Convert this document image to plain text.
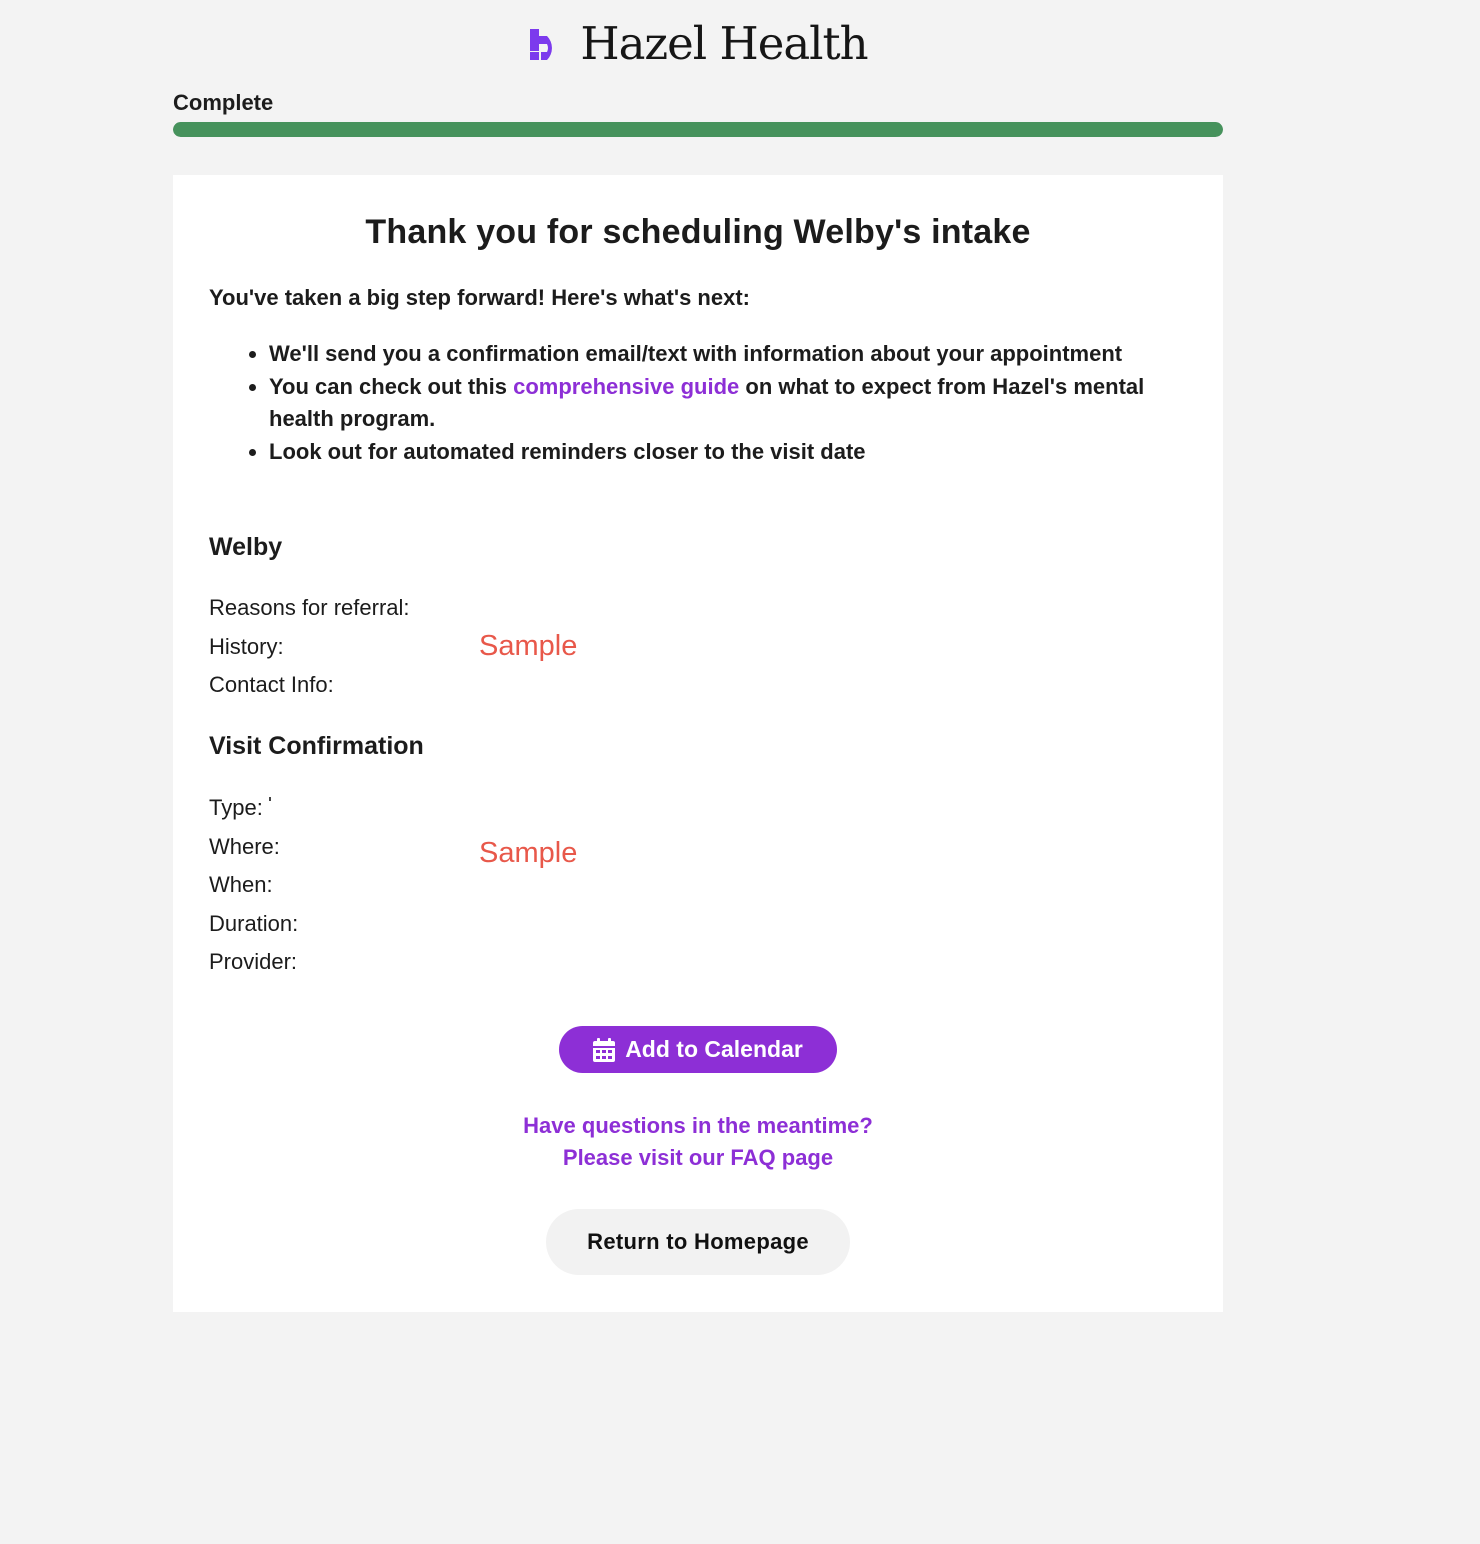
Hazel Health
Complete
Thank you for scheduling Welby's intake

You've taken a big step forward! Here's what's next:

• We'll send you a confirmation email/text with information about your appointment
• You can check out this comprehensive guide on what to expect from Hazel's mental health program.
• Look out for automated reminders closer to the visit date
Welby
Reasons for referral:
History:
Contact Info:
Sample
Visit Confirmation
Type:
Where:
When:
Duration:
Provider:
Sample
Add to Calendar
Have questions in the meantime?
Please visit our FAQ page
Return to Homepage
